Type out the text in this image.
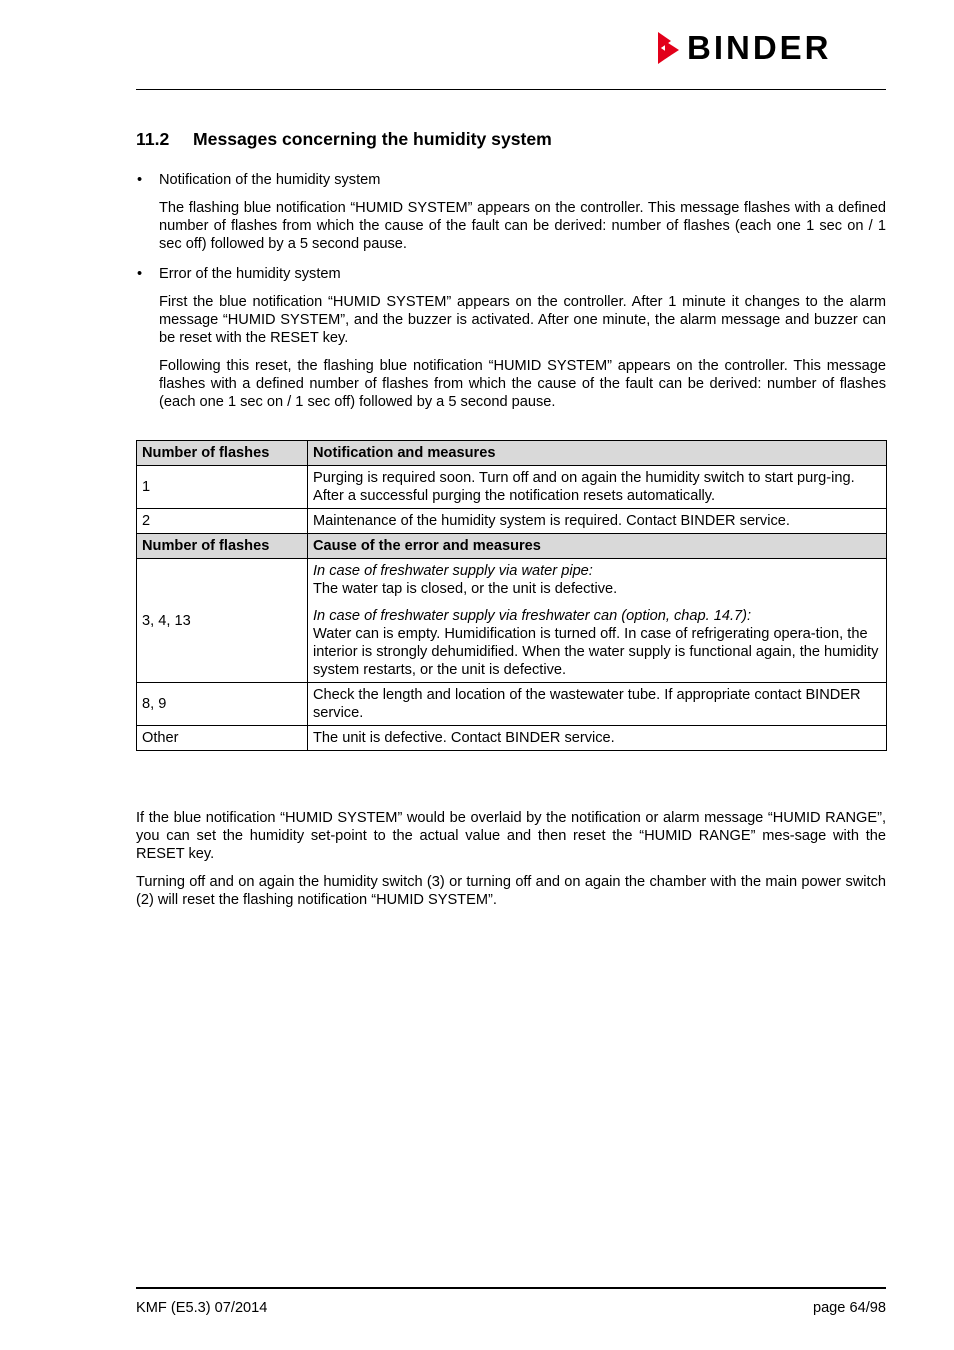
BINDER
11.2 Messages concerning the humidity system

• Notification of the humidity system

The flashing blue notification “HUMID SYSTEM” appears on the controller. This message flashes with a defined number of flashes from which the cause of the fault can be derived: number of flashes (each one 1 sec on / 1 sec off) followed by a 5 second pause.

• Error of the humidity system

First the blue notification “HUMID SYSTEM” appears on the controller. After 1 minute it changes to the alarm message “HUMID SYSTEM”, and the buzzer is activated. After one minute, the alarm message and buzzer can be reset with the RESET key.

Following this reset, the flashing blue notification “HUMID SYSTEM” appears on the controller. This message flashes with a defined number of flashes from which the cause of the fault can be derived: number of flashes (each one 1 sec on / 1 sec off) followed by a 5 second pause.

Number of flashes	Notification and measures
1	Purging is required soon. Turn off and on again the humidity switch to start purg-ing. After a successful purging the notification resets automatically.
2	Maintenance of the humidity system is required. Contact BINDER service.
Number of flashes	Cause of the error and measures
3, 4, 13	In case of freshwater supply via water pipe:
The water tap is closed, or the unit is defective.
In case of freshwater supply via freshwater can (option, chap. 14.7):
Water can is empty. Humidification is turned off. In case of refrigerating opera-tion, the interior is strongly dehumidified. When the water supply is functional again, the humidity system restarts, or the unit is defective.
8, 9	Check the length and location of the wastewater tube. If appropriate contact BINDER service.
Other	The unit is defective. Contact BINDER service.

If the blue notification “HUMID SYSTEM” would be overlaid by the notification or alarm message “HUMID RANGE”, you can set the humidity set-point to the actual value and then reset the “HUMID RANGE” mes-sage with the RESET key.

Turning off and on again the humidity switch (3) or turning off and on again the chamber with the main power switch (2) will reset the flashing notification “HUMID SYSTEM”.

KMF (E5.3) 07/2014	page 64/98
